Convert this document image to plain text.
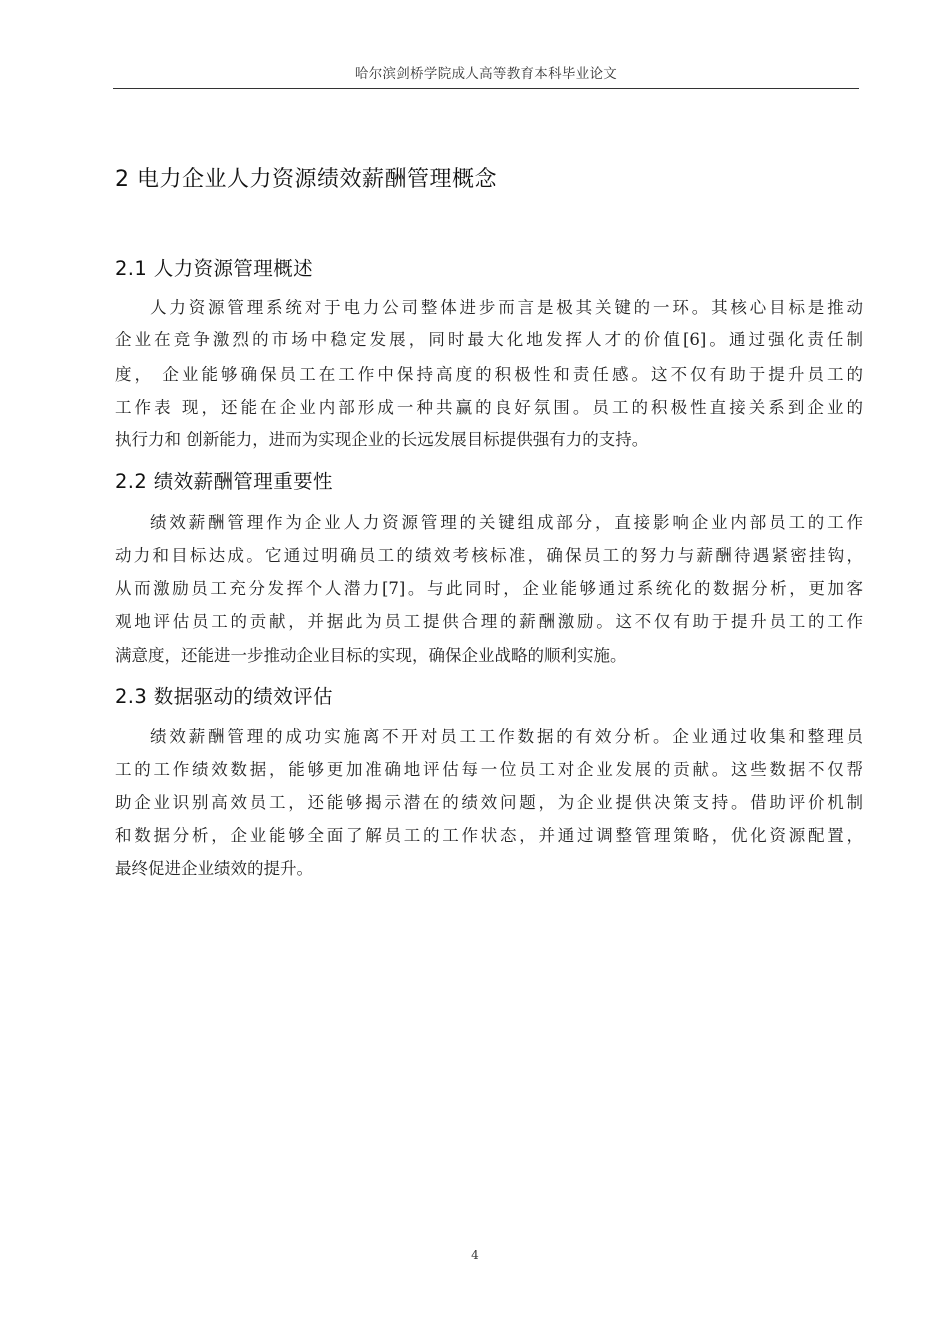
哈尔滨剑桥学院成人高等教育本科毕业论文
2 电力企业人力资源绩效薪酬管理概念
2.1 人力资源管理概述
人力资源管理系统对于电力公司整体进步而言是极其关键的一环。其核心目标是推动
企业在竞争激烈的市场中稳定发展，同时最大化地发挥人才的价值[6]。通过强化责任制
度， 企业能够确保员工在工作中保持高度的积极性和责任感。这不仅有助于提升员工的
工作表 现，还能在企业内部形成一种共赢的良好氛围。员工的积极性直接关系到企业的
执行力和 创新能力，进而为实现企业的长远发展目标提供强有力的支持。
2.2 绩效薪酬管理重要性
绩效薪酬管理作为企业人力资源管理的关键组成部分，直接影响企业内部员工的工作
动力和目标达成。它通过明确员工的绩效考核标准，确保员工的努力与薪酬待遇紧密挂钩，
从而激励员工充分发挥个人潜力[7]。与此同时，企业能够通过系统化的数据分析，更加客
观地评估员工的贡献，并据此为员工提供合理的薪酬激励。这不仅有助于提升员工的工作
满意度，还能进一步推动企业目标的实现，确保企业战略的顺利实施。
2.3 数据驱动的绩效评估
绩效薪酬管理的成功实施离不开对员工工作数据的有效分析。企业通过收集和整理员
工的工作绩效数据，能够更加准确地评估每一位员工对企业发展的贡献。这些数据不仅帮
助企业识别高效员工，还能够揭示潜在的绩效问题，为企业提供决策支持。借助评价机制
和数据分析，企业能够全面了解员工的工作状态，并通过调整管理策略，优化资源配置，
最终促进企业绩效的提升。
4
